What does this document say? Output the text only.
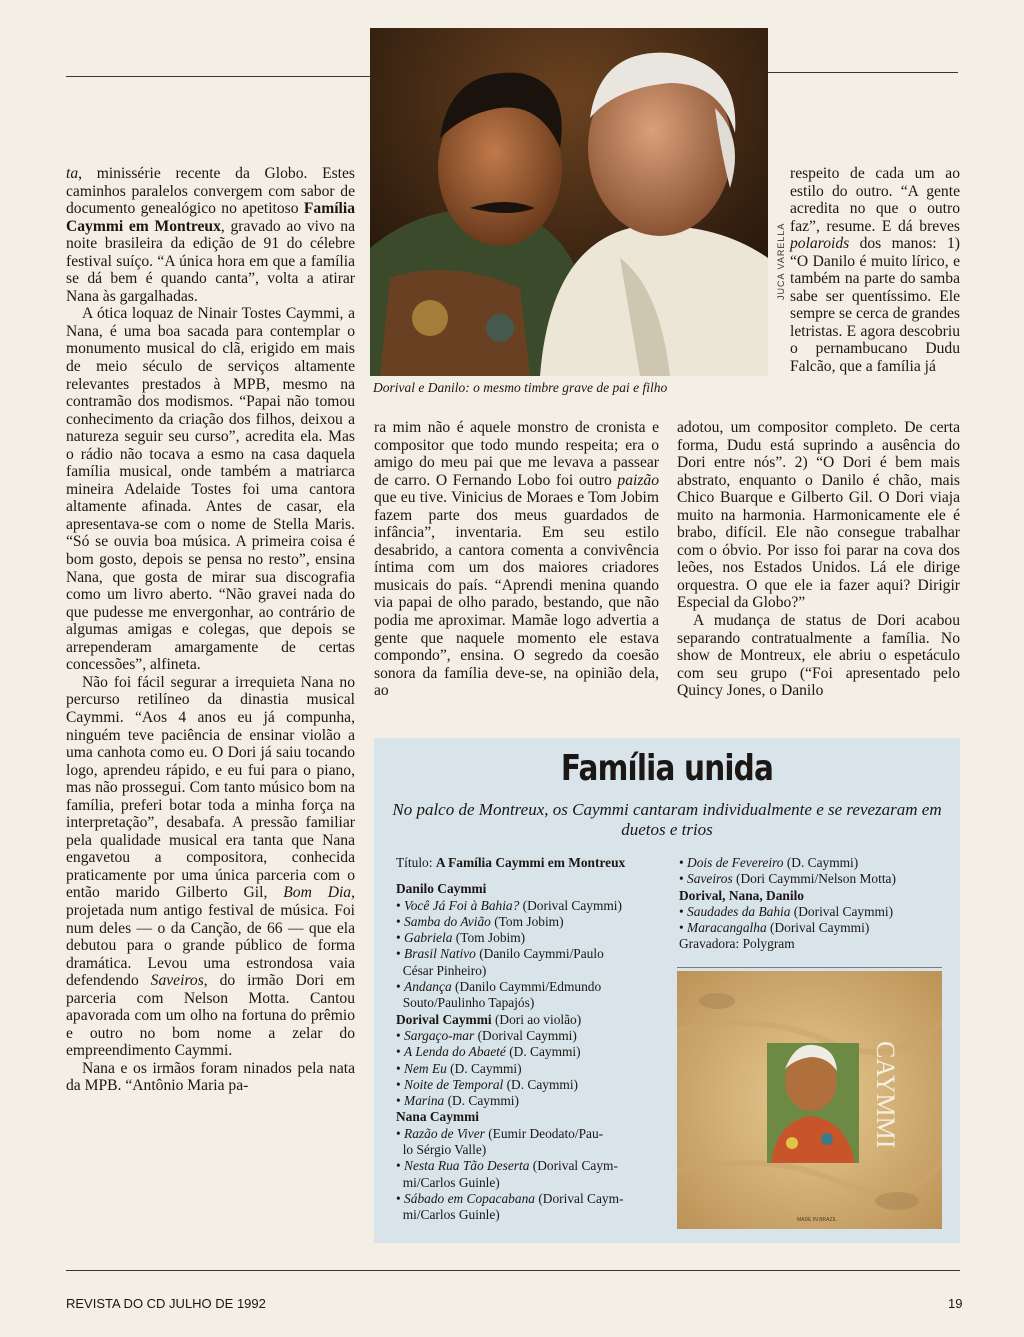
ta, minissérie recente da Globo. Estes caminhos paralelos convergem com sabor de documento genealógico no apetitoso Família Caymmi em Montreux, gravado ao vivo na noite brasileira da edição de 91 do célebre festival suíço. “A única hora em que a família se dá bem é quando canta”, volta a atirar Nana às gargalhadas.

A ótica loquaz de Ninair Tostes Caymmi, a Nana, é uma boa sacada para contemplar o monumento musical do clã, erigido em mais de meio século de serviços altamente relevantes prestados à MPB, mesmo na contramão dos modismos. “Papai não tomou conhecimento da criação dos filhos, deixou a natureza seguir seu curso”, acredita ela. Mas o rádio não tocava a esmo na casa daquela família musical, onde também a matriarca mineira Adelaide Tostes foi uma cantora altamente afinada. Antes de casar, ela apresentava-se com o nome de Stella Maris. “Só se ouvia boa música. A primeira coisa é bom gosto, depois se pensa no resto”, ensina Nana, que gosta de mirar sua discografia como um livro aberto. “Não gravei nada do que pudesse me envergonhar, ao contrário de algumas amigas e colegas, que depois se arrependeram amargamente de certas concessões”, alfineta.

Não foi fácil segurar a irrequieta Nana no percurso retilíneo da dinastia musical Caymmi. “Aos 4 anos eu já compunha, ninguém teve paciência de ensinar violão a uma canhota como eu. O Dori já saiu tocando logo, aprendeu rápido, e eu fui para o piano, mas não prossegui. Com tanto músico bom na família, preferi botar toda a minha força na interpretação”, desabafa. A pressão familiar pela qualidade musical era tanta que Nana engavetou a compositora, conhecida praticamente por uma única parceria com o então marido Gilberto Gil, Bom Dia, projetada num antigo festival de música. Foi num deles — o da Canção, de 66 — que ela debutou para o grande público de forma dramática. Levou uma estrondosa vaia defendendo Saveiros, do irmão Dori em parceria com Nelson Motta. Cantou apavorada com um olho na fortuna do prêmio e outro no bom nome a zelar do empreendimento Caymmi.

Nana e os irmãos foram ninados pela nata da MPB. “Antônio Maria pa-

JUCA VARELLA
Dorival e Danilo: o mesmo timbre grave de pai e filho

respeito de cada um ao estilo do outro. “A gente acredita no que o outro faz”, resume. E dá breves polaroids dos manos: 1) “O Danilo é muito lírico, e também na parte do samba sabe ser quentíssimo. Ele sempre se cerca de grandes letristas. E agora descobriu o pernambucano Dudu Falcão, que a família já

ra mim não é aquele monstro de cronista e compositor que todo mundo respeita; era o amigo do meu pai que me levava a passear de carro. O Fernando Lobo foi outro paizão que eu tive. Vinicius de Moraes e Tom Jobim fazem parte dos meus guardados de infância”, inventaria. Em seu estilo desabrido, a cantora comenta a convivência íntima com um dos maiores criadores musicais do país. “Aprendi menina quando via papai de olho parado, bestando, que não podia me aproximar. Mamãe logo advertia a gente que naquele momento ele estava compondo”, ensina. O segredo da coesão sonora da família deve-se, na opinião dela, ao

adotou, um compositor completo. De certa forma, Dudu está suprindo a ausência do Dori entre nós”. 2) “O Dori é bem mais abstrato, enquanto o Danilo é chão, mais Chico Buarque e Gilberto Gil. O Dori viaja muito na harmonia. Harmonicamente ele é brabo, difícil. Ele não consegue trabalhar com o óbvio. Por isso foi parar na cova dos leões, nos Estados Unidos. Lá ele dirige orquestra. O que ele ia fazer aqui? Dirigir Especial da Globo?”

A mudança de status de Dori acabou separando contratualmente a família. No show de Montreux, ele abriu o espetáculo com seu grupo (“Foi apresentado pelo Quincy Jones, o Danilo

Família unida
No palco de Montreux, os Caymmi cantaram individualmente e se revezaram em duetos e trios
Título: A Família Caymmi em Montreux
Danilo Caymmi
• Você Já Foi à Bahia? (Dorival Caymmi)
• Samba do Avião (Tom Jobim)
• Gabriela (Tom Jobim)
• Brasil Nativo (Danilo Caymmi/Paulo
César Pinheiro)
• Andança (Danilo Caymmi/Edmundo
Souto/Paulinho Tapajós)
Dorival Caymmi (Dori ao violão)
• Sargaço-mar (Dorival Caymmi)
• A Lenda do Abaeté (D. Caymmi)
• Nem Eu (D. Caymmi)
• Noite de Temporal (D. Caymmi)
• Marina (D. Caymmi)
Nana Caymmi
• Razão de Viver (Eumir Deodato/Pau-
lo Sérgio Valle)
• Nesta Rua Tão Deserta (Dorival Caym-
mi/Carlos Guinle)
• Sábado em Copacabana (Dorival Caym-
mi/Carlos Guinle)
• Dois de Fevereiro (D. Caymmi)
• Saveiros (Dori Caymmi/Nelson Motta)
Dorival, Nana, Danilo
• Saudades da Bahia (Dorival Caymmi)
• Maracangalha (Dorival Caymmi)
Gravadora: Polygram
CAYMMI
MADE IN BRAZIL
REVISTA DO CD JULHO DE 1992	19
